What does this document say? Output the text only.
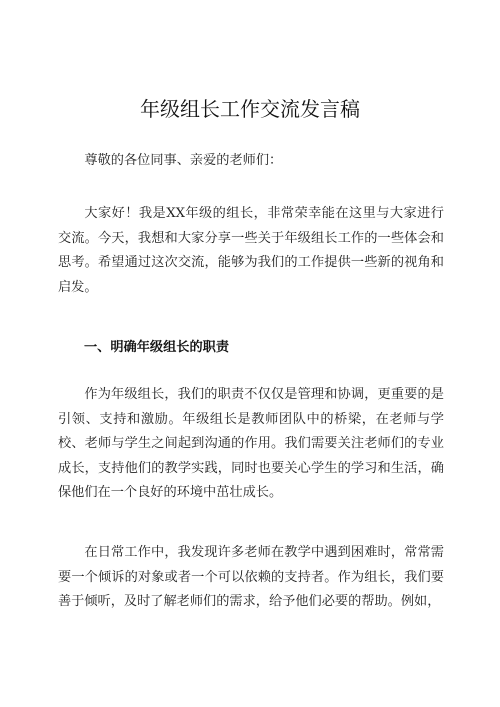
年级组长工作交流发言稿

尊敬的各位同事、亲爱的老师们：

大家好！我是XX年级的组长，非常荣幸能在这里与大家进行交流。今天，我想和大家分享一些关于年级组长工作的一些体会和思考。希望通过这次交流，能够为我们的工作提供一些新的视角和启发。

一、明确年级组长的职责

作为年级组长，我们的职责不仅仅是管理和协调，更重要的是引领、支持和激励。年级组长是教师团队中的桥梁，在老师与学校、老师与学生之间起到沟通的作用。我们需要关注老师们的专业成长，支持他们的教学实践，同时也要关心学生的学习和生活，确保他们在一个良好的环境中茁壮成长。

在日常工作中，我发现许多老师在教学中遇到困难时，常常需要一个倾诉的对象或者一个可以依赖的支持者。作为组长，我们要善于倾听，及时了解老师们的需求，给予他们必要的帮助。例如，
